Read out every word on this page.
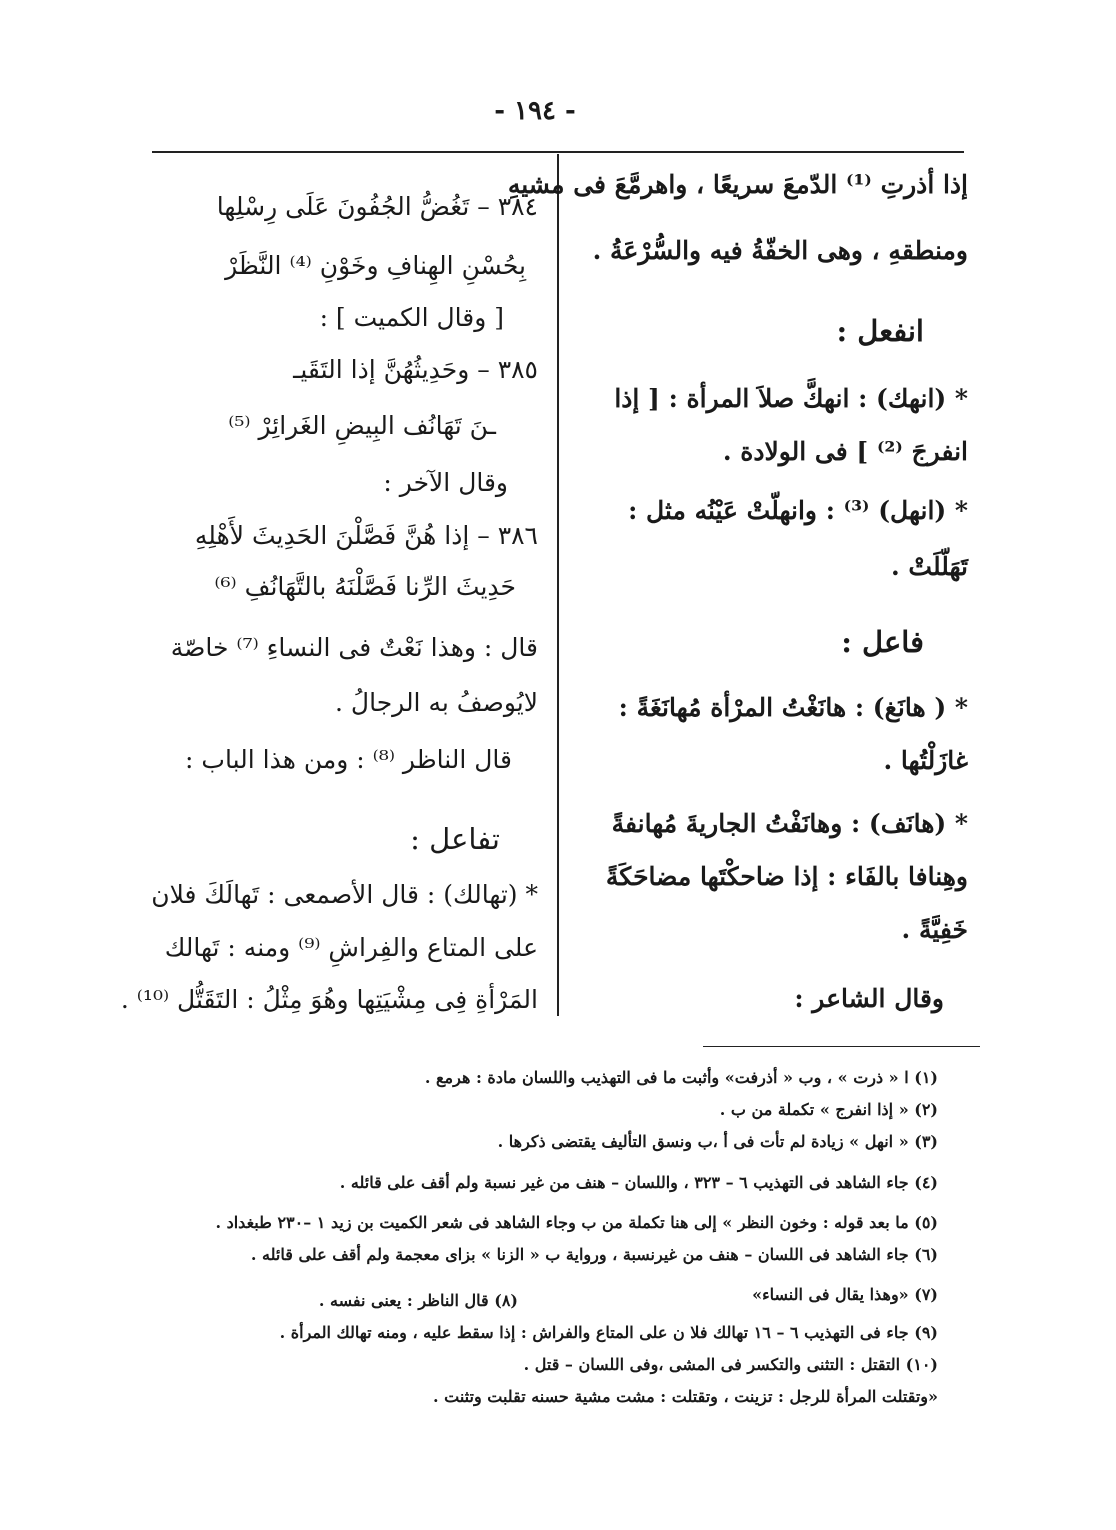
- ١٩٤ -
إذا أذرتِ ⁽¹⁾ الدّمعَ سريعًا ، واهرمَّعَ فى مشيهِ
ومنطقهِ ، وهى الخفّةُ فيه والسُّرْعَةُ .
انفعل :
* (انهك) : انهكَّ صلاَ المرأة : [ إذا
انفرجَ ⁽²⁾ ] فى الولادة .
* (انهل) ⁽³⁾ : وانهلّتْ عَيْنُه مثل :
تَهَلّلَتْ .
فاعل :
* ( هانَغ) : هانَغْتُ المرْأة مُهانَغَةً :
غازَلْتُها .
* (هانَف) : وهانَفْتُ الجاريةَ مُهانفةً
وهِنافا بالفَاء : إذا ضاحكْتَها مضاحَكَةً
خَفِيَّةً .
وقال الشاعر :
٣٨٤ – تَغُضُّ الجُفُونَ عَلَى رِسْلِها
بِحُسْنِ الهِنافِ وخَوْنِ ⁽⁴⁾ النَّظَرْ
[ وقال الكميت ] :
٣٨٥ – وحَدِيثُهُنَّ إذا التَقَيـ
ـنَ تَهَانُف البِيضِ الغَرائِرْ ⁽⁵⁾
وقال الآخر :
٣٨٦ – إذا هُنَّ فَصَّلْنَ الحَدِيثَ لأَهْلِهِ
حَدِيثَ الرِّنا فَصَّلْنَهُ بالتَّهَانُفِ ⁽⁶⁾
قال : وهذا نَعْتٌ فى النساءِ ⁽⁷⁾ خاصّة
لايُوصفُ به الرجالُ .
قال الناظر ⁽⁸⁾ : ومن هذا الباب :
تفاعل :
* (تهالك) : قال الأصمعى : تَهالَكَ فلان
على المتاع والفِراشِ ⁽⁹⁾ ومنه : تَهالك
المَرْأةِ فِى مِشْيَتِها وهُوَ مِثْلُ : التَقَتُّل ⁽¹⁰⁾ .
(١) ا « ذرت » ، وب « أذرفت» وأثبت ما فى التهذيب واللسان مادة : هرمع .
(٢) « إذا انفرج » تكملة من ب .
(٣) « انهل » زيادة لم تأت فى أ ،ب ونسق التأليف يقتضى ذكرها .
(٤) جاء الشاهد فى التهذيب ٦ – ٣٢٣ ، واللسان – هنف من غير نسبة ولم أقف على قائله .
(٥) ما بعد قوله : وخون النظر » إلى هنا تكملة من ب وجاء الشاهد فى شعر الكميت بن زيد ١ –٢٣٠ طبغداد .
(٦) جاء الشاهد فى اللسان – هنف من غيرنسبة ، ورواية ب « الزنا » بزاى معجمة ولم أقف على قائله .
(٧) «وهذا يقال فى النساء»
(٨) قال الناظر : يعنى نفسه .
(٩) جاء فى التهذيب ٦ – ١٦ تهالك فلا ن على المتاع والفراش : إذا سقط عليه ، ومنه تهالك المرأة .
(١٠) التقتل : التثنى والتكسر فى المشى ،وفى اللسان – قتل .
«وتقتلت المرأة للرجل : تزينت ، وتقتلت : مشت مشية حسنه تقلبت وتثنت .
